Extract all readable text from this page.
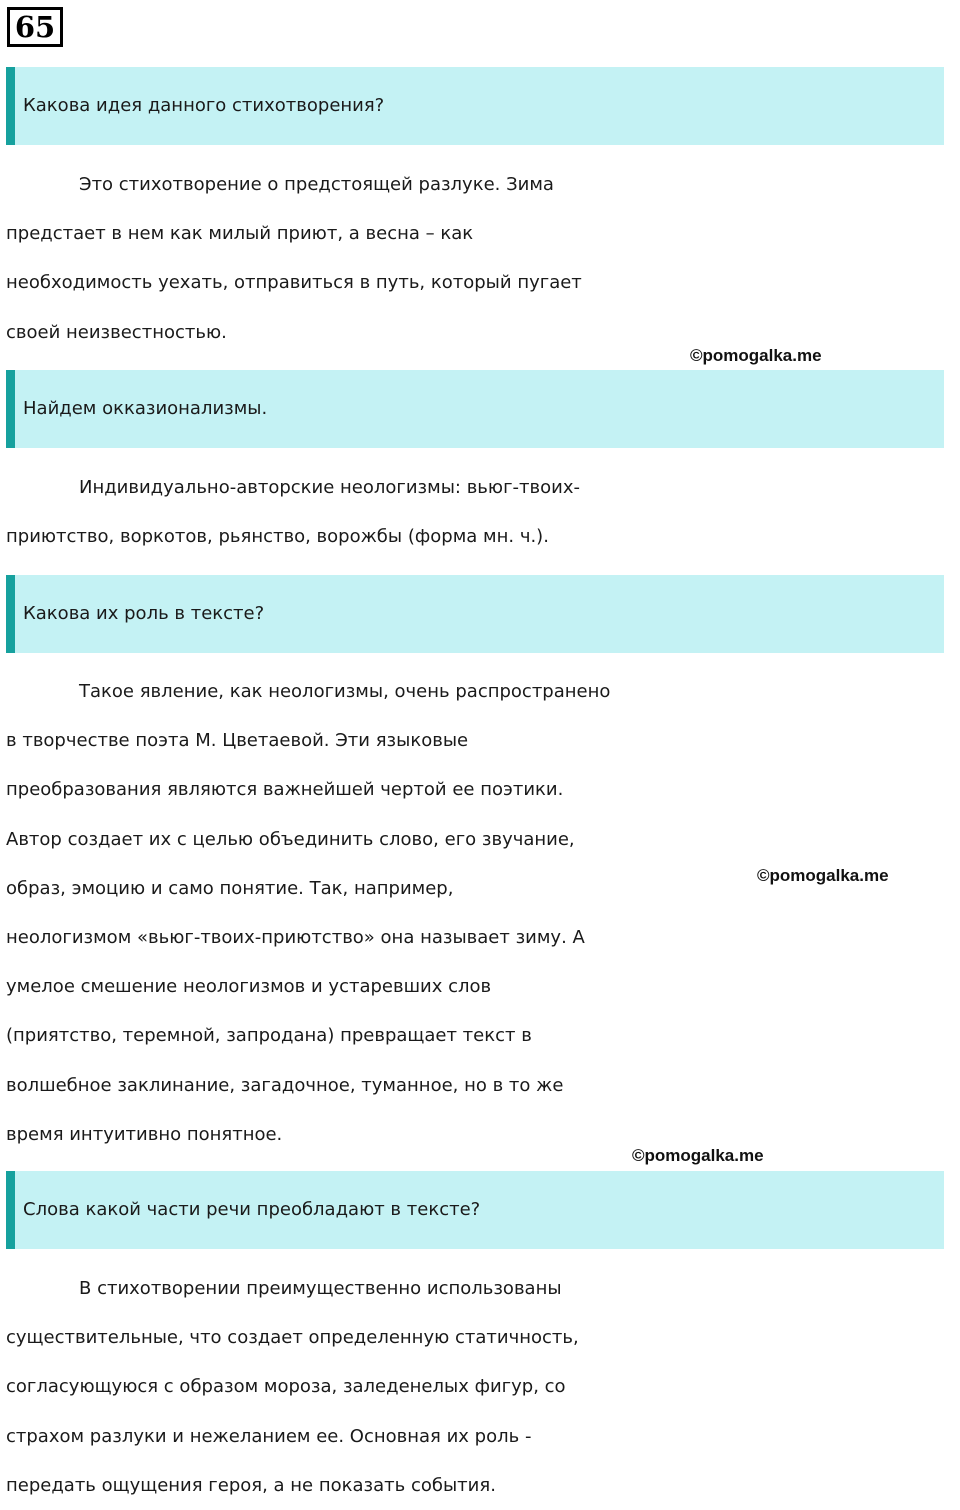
65
Какова идея данного стихотворения?
Это стихотворение о предстоящей разлуке. Зима
предстает в нем как милый приют, а весна – как
необходимость уехать, отправиться в путь, который пугает
своей неизвестностью.
©pomogalka.me
Найдем окказионализмы.
Индивидуально-авторские неологизмы: вьюг-твоих-
приютство, воркотов, рьянство, ворожбы (форма мн. ч.).
Какова их роль в тексте?
Такое явление, как неологизмы, очень распространено
в творчестве поэта М. Цветаевой. Эти языковые
преобразования являются важнейшей чертой ее поэтики.
Автор создает их с целью объединить слово, его звучание,
образ, эмоцию и само понятие. Так, например,
неологизмом «вьюг-твоих-приютство» она называет зиму. А
умелое смешение неологизмов и устаревших слов
(приятство, теремной, запродана) превращает текст в
волшебное заклинание, загадочное, туманное, но в то же
время интуитивно понятное.
©pomogalka.me
©pomogalka.me
Слова какой части речи преобладают в тексте?
В стихотворении преимущественно использованы
существительные, что создает определенную статичность,
согласующуюся с образом мороза, заледенелых фигур, со
страхом разлуки и нежеланием ее. Основная их роль -
передать ощущения героя, а не показать события.
